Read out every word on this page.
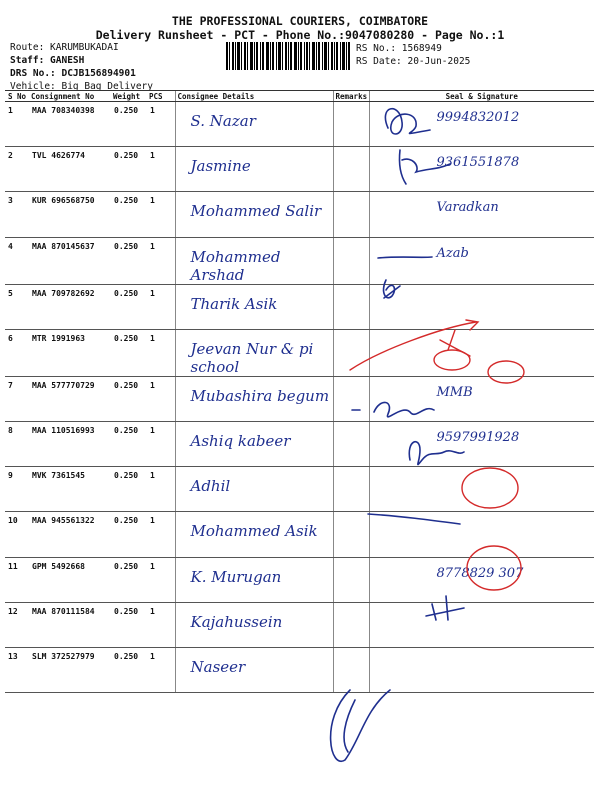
THE PROFESSIONAL COURIERS, COIMBATORE
Delivery Runsheet - PCT - Phone No.:9047080280 - Page No.:1
Route: KARUMBUKADAI
Staff: GANESH
DRS No.: DCJB156894901
Vehicle: Big Bag Delivery
RS No.: 1568949
RS Date: 20-Jun-2025
S No	Consignment No	Weight	PCS	Consignee Details	Remarks	Seal & Signature
1	MAA 708340398	0.250	1	S. Nazar		9994832012
2	TVL 4626774	0.250	1	Jasmine		9361551878
3	KUR 696568750	0.250	1	Mohammed Salir		Varadkan
4	MAA 870145637	0.250	1	Mohammed Arshad		Azab
5	MAA 709782692	0.250	1	Tharik Asik		
6	MTR 1991963	0.250	1	Jeevan Nur & pi school		
7	MAA 577770729	0.250	1	Mubashira begum		MMB
8	MAA 110516993	0.250	1	Ashiq kabeer		9597991928
9	MVK 7361545	0.250	1	Adhil		
10	MAA 945561322	0.250	1	Mohammed Asik		
11	GPM 5492668	0.250	1	K. Murugan		8778829 307
12	MAA 870111584	0.250	1	Kajahussein		
13	SLM 372527979	0.250	1	Naseer		
